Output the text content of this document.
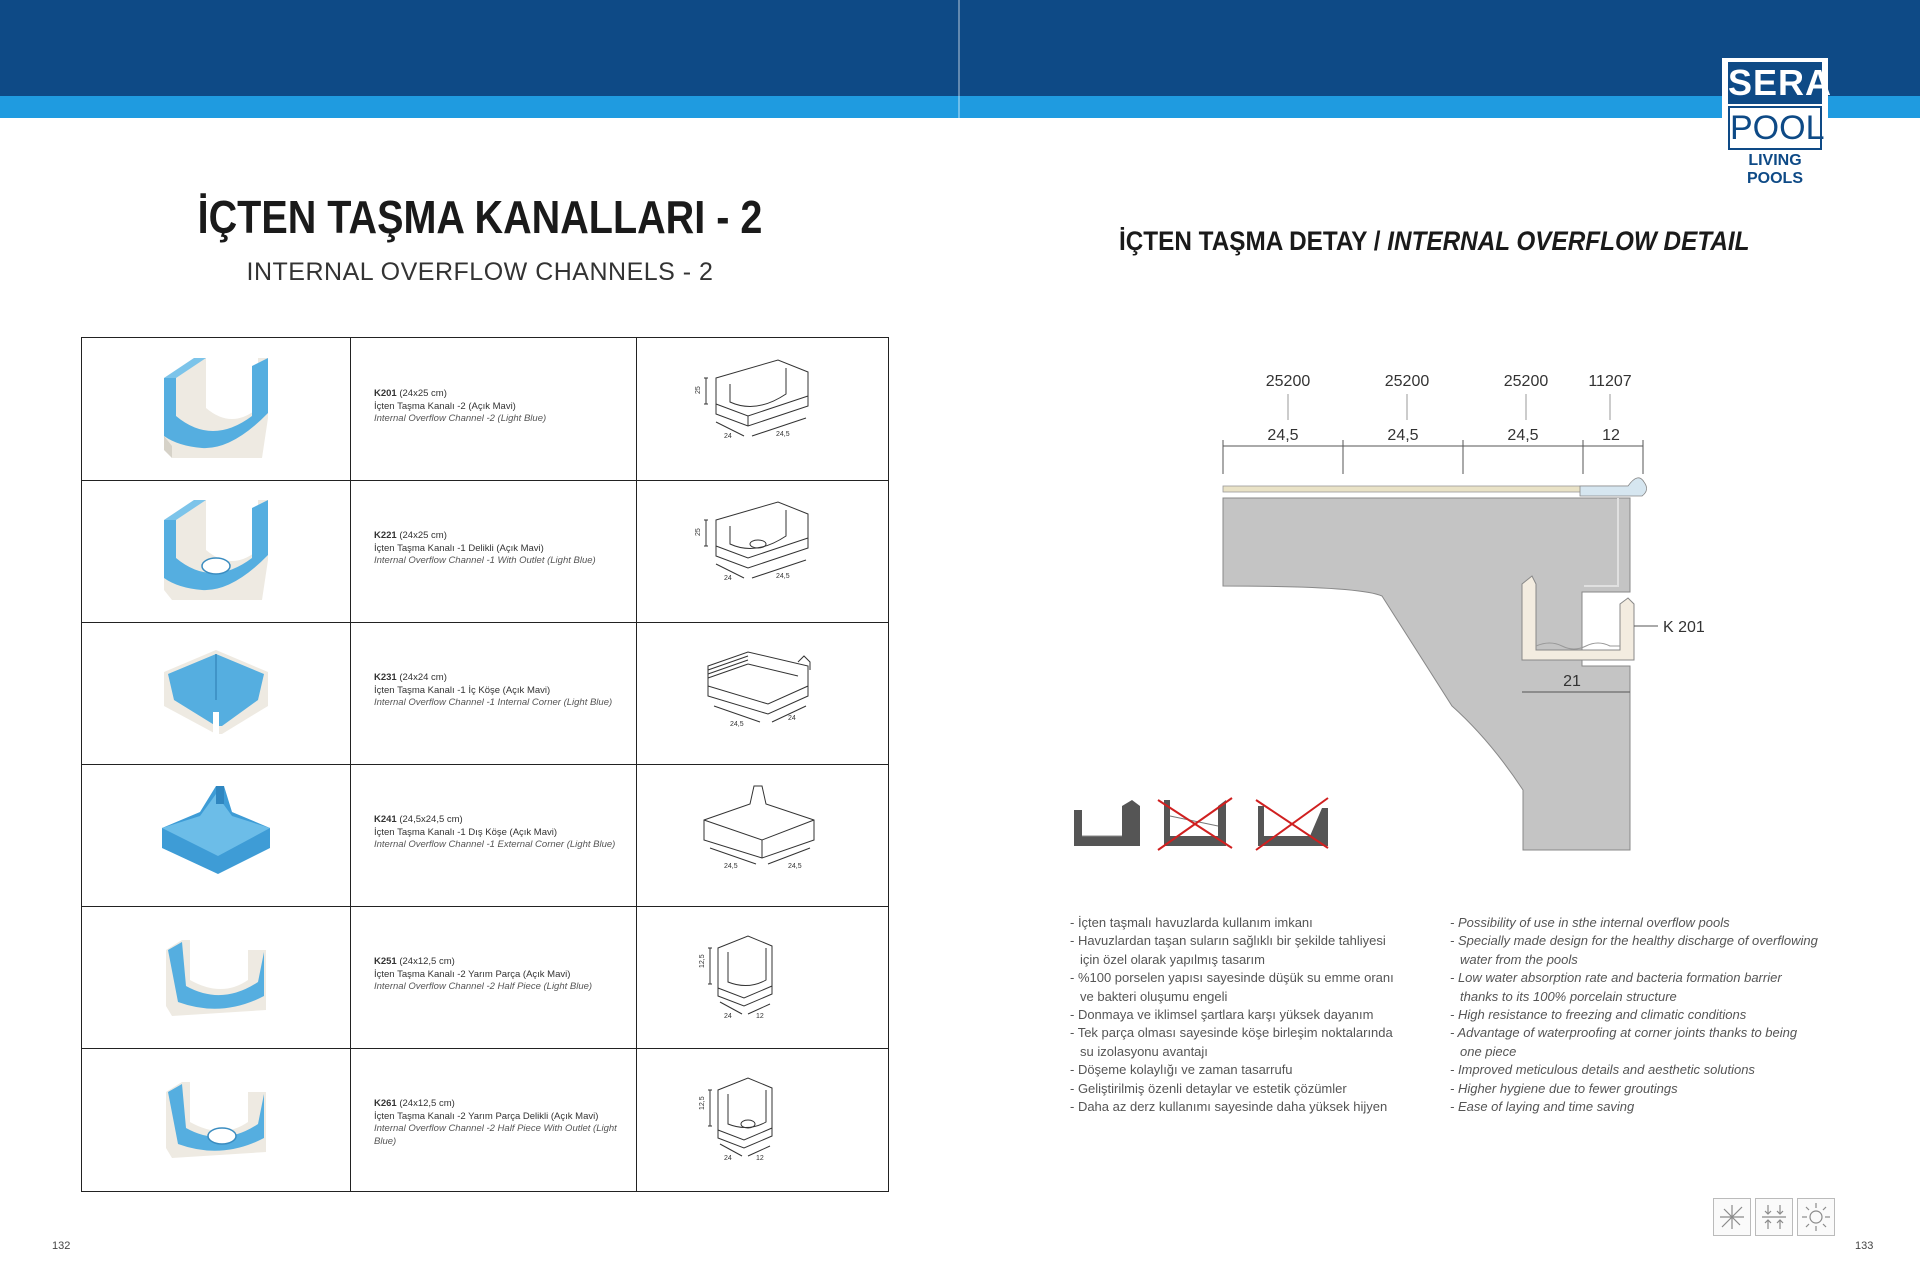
SERA
POOL
LIVING POOLS
İÇTEN TAŞMA KANALLARI - 2
INTERNAL OVERFLOW CHANNELS - 2
K201 (24x25 cm)
İçten Taşma Kanalı -2 (Açık Mavi)
Internal Overflow Channel -2 (Light Blue)
25
24	24,5
K221 (24x25 cm)
İçten Taşma Kanalı -1 Delikli (Açık Mavi)
Internal Overflow Channel -1 With Outlet (Light Blue)
25
24	24,5
K231 (24x24 cm)
İçten Taşma Kanalı -1 İç Köşe (Açık Mavi)
Internal Overflow Channel -1 Internal Corner (Light Blue)
24,5
24
K241 (24,5x24,5 cm)
İçten Taşma Kanalı -1 Dış Köşe (Açık Mavi)
Internal Overflow Channel -1 External Corner (Light Blue)
24,5	24,5
K251 (24x12,5 cm)
İçten Taşma Kanalı -2 Yarım Parça (Açık Mavi)
Internal Overflow Channel -2 Half Piece (Light Blue)
12,5
24	12
K261 (24x12,5 cm)
İçten Taşma Kanalı -2 Yarım Parça Delikli (Açık Mavi)
Internal Overflow Channel -2 Half Piece With Outlet (Light Blue)
12,5
24	12
132
İÇTEN TAŞMA DETAY / INTERNAL OVERFLOW DETAIL
25200	25200	25200	11207
24,5	24,5	24,5	12
K 201
21
- İçten taşmalı havuzlarda kullanım imkanı
- Havuzlardan taşan suların sağlıklı bir şekilde tahliyesi için özel olarak yapılmış tasarım
- %100 porselen yapısı sayesinde düşük su emme oranı ve bakteri oluşumu engeli
- Donmaya ve iklimsel şartlara karşı yüksek dayanım
- Tek parça olması sayesinde köşe birleşim noktalarında su izolasyonu avantajı
- Döşeme kolaylığı ve zaman tasarrufu
- Geliştirilmiş özenli detaylar ve estetik çözümler
- Daha az derz kullanımı sayesinde daha yüksek hijyen
- Possibility of use in sthe internal overflow pools
- Specially made design for the healthy discharge of overflowing water from the pools
- Low water absorption rate and bacteria formation barrier thanks to its 100% porcelain structure
- High resistance to freezing and climatic conditions
- Advantage of waterproofing at corner joints thanks to being one piece
- Improved meticulous details and aesthetic solutions
- Higher hygiene due to fewer groutings
- Ease of laying and time saving
133
